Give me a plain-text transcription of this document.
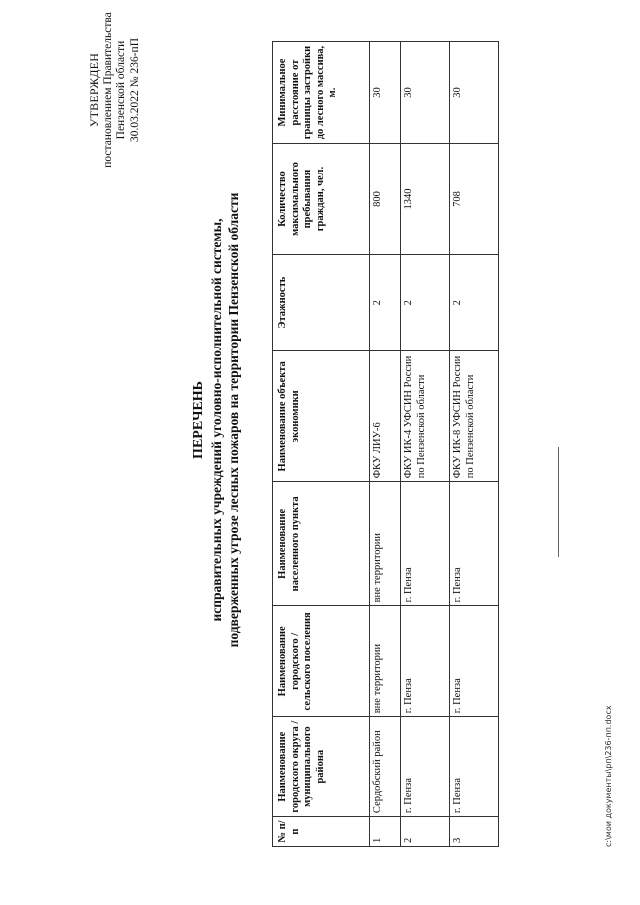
УТВЕРЖДЕН постановлением Правительства Пензенской области 30.03.2022 № 236-пП
ПЕРЕЧЕНЬ исправительных учреждений уголовно-исполнительной системы, подверженных угрозе лесных пожаров на территории Пензенской области
№ п/п	Наименование городского округа / муниципального района	Наименование городского / сельского поселения	Наименование населенного пункта	Наименование объекта экономики	Этажность	Количество максимального пребывания граждан, чел.	Минимальное расстояние от границы застройки до лесного массива, м.
1	Сердобский район	вне территории	вне территории	ФКУ ЛИУ-6	2	800	30
2	г. Пенза	г. Пенза	г. Пенза	ФКУ ИК-4 УФСИН России по Пензенской области	2	1340	30
3	г. Пенза	г. Пенза	г. Пенза	ФКУ ИК-8 УФСИН России по Пензенской области	2	708	30
c:\мои документы\рп\236-пп.docx
